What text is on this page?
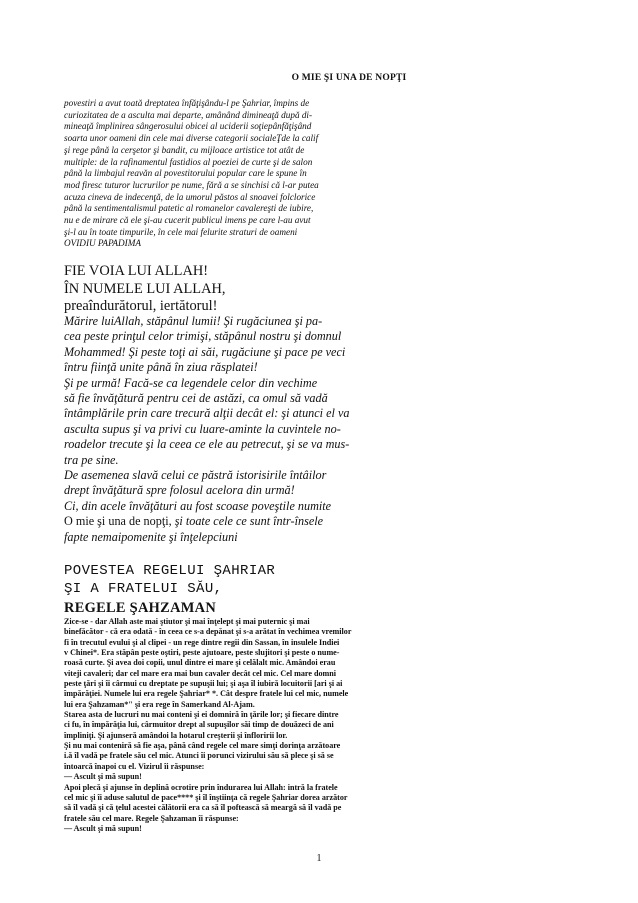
O MIE ŞI UNA DE NOPŢI
povestiri a avut toată dreptatea înfăţişându-l pe Şahriar, împins de
curiozitatea de a asculta mai departe, amânând dimineaţă după di-
mineaţă împlinirea sângerosului obicei al uciderii soţiepânfăţişând
soarta unor oameni din cele mai diverse categorii socialeŢde la calif
şi rege până la cerşetor şi bandit, cu mijloace artistice tot atât de
multiple: de la rafinamentul fastidios al poeziei de curte şi de salon
până la limbajul reavăn al povestitorului popular care le spune în
mod firesc tuturor lucrurilor pe nume, fără a se sinchisi că l-ar putea
acuza cineva de indecenţă, de la umorul păstos al snoavei folclorice
până la sentimentalismul patetic al romanelor cavalereşti de iubire,
nu e de mirare că ele şi-au cucerit publicul imens pe care l-au avut
şi-l au în toate timpurile, în cele mai felurite straturi de oameni
OVIDIU PAPADIMA
FIE VOIA LUI ALLAH!
ÎN NUMELE LUI ALLAH,
preaîndurătorul, iertătorul!
Mărire luiAllah, stăpânul lumii! Şi rugăciunea şi pa-
cea peste prinţul celor trimişi, stăpânul nostru şi domnul
Mohammed! Şi peste toţi ai săi, rugăciune şi pace pe veci
întru fiinţă unite până în ziua răsplatei!
Şi pe urmă! Facă-se ca legendele celor din vechime
să fie învăţătură pentru cei de astăzi, ca omul să vadă
întâmplările prin care trecură alţii decât el: şi atunci el va
asculta supus şi va privi cu luare-aminte la cuvintele no-
roadelor trecute şi la ceea ce ele au petrecut, şi se va mus-
tra pe sine.
De asemenea slavă celui ce păstră istorisirile întâilor
drept învăţătură spre folosul acelora din urmă!
Ci, din acele învăţături au fost scoase poveştile numite
O mie şi una de nopţi, şi toate cele ce sunt într-însele
fapte nemaipomenite şi înţelepciuni
POVESTEA REGELUI ŞAHRIAR
ŞI A FRATELUI SĂU,
REGELE ŞAHZAMAN
Zice-se - dar Allah aste mai ştiutor şi mai înţelept şi mai puternic şi mai
binefăcător - că era odată - în ceea ce s-a depănat şi s-a arătat în vechimea vremilor
fi în trecutul evului şi al clipei - un rege dintre regii din Sassan, în insulele Indiei
v Chinei*. Era stăpân peste oştiri, peste ajutoare, peste slujitori şi peste o nume-
roasă curte. Şi avea doi copii, unul dintre ei mare şi celălalt mic. Amândoi erau
viteji cavaleri; dar cel mare era mai bun cavaler decât cel mic. Cel mare domni
peste ţări şi îi cârmui cu dreptate pe supuşii lui; şi aşa îl iubiră locuitorii [ari şi ai
împărăţiei. Numele lui era regele Şahriar* *. Cât despre fratele lui cel mic, numele
lui era Şahzaman*" şi era rege în Samerkand Al-Ajam.
Starea asta de lucruri nu mai conteni şi ei domniră în ţările lor; şi fiecare dintre
ci fu, în împărăţia lui, cârmuitor drept al supuşilor săi timp de douăzeci de ani
împliniţi. Şi ajunseră amândoi la hotarul creşterii şi înfloririi lor.
Şi nu mai conteniră să fie aşa, până când regele cel mare simţi dorinţa arzătoare
i.ă îl vadă pe fratele său cel mic. Atunci îi porunci vizirului său să plece şi să se
întoarcă înapoi cu el. Vizirul îi răspunse:
— Ascult şi mă supun!
Apoi plecă şi ajunse în deplină ocrotire prin îndurarea lui Allah: intră la fratele
cel mic şi îi aduse salutul de pace**** şi îl înştiinţa că regele Şahriar dorea arzător
să îl vadă şi că ţelul acestei călătorii era ca să îl poftească să meargă să îl vadă pe
fratele său cel mare. Regele Şahzaman îi răspunse:
— Ascult şi mă supun!
1
